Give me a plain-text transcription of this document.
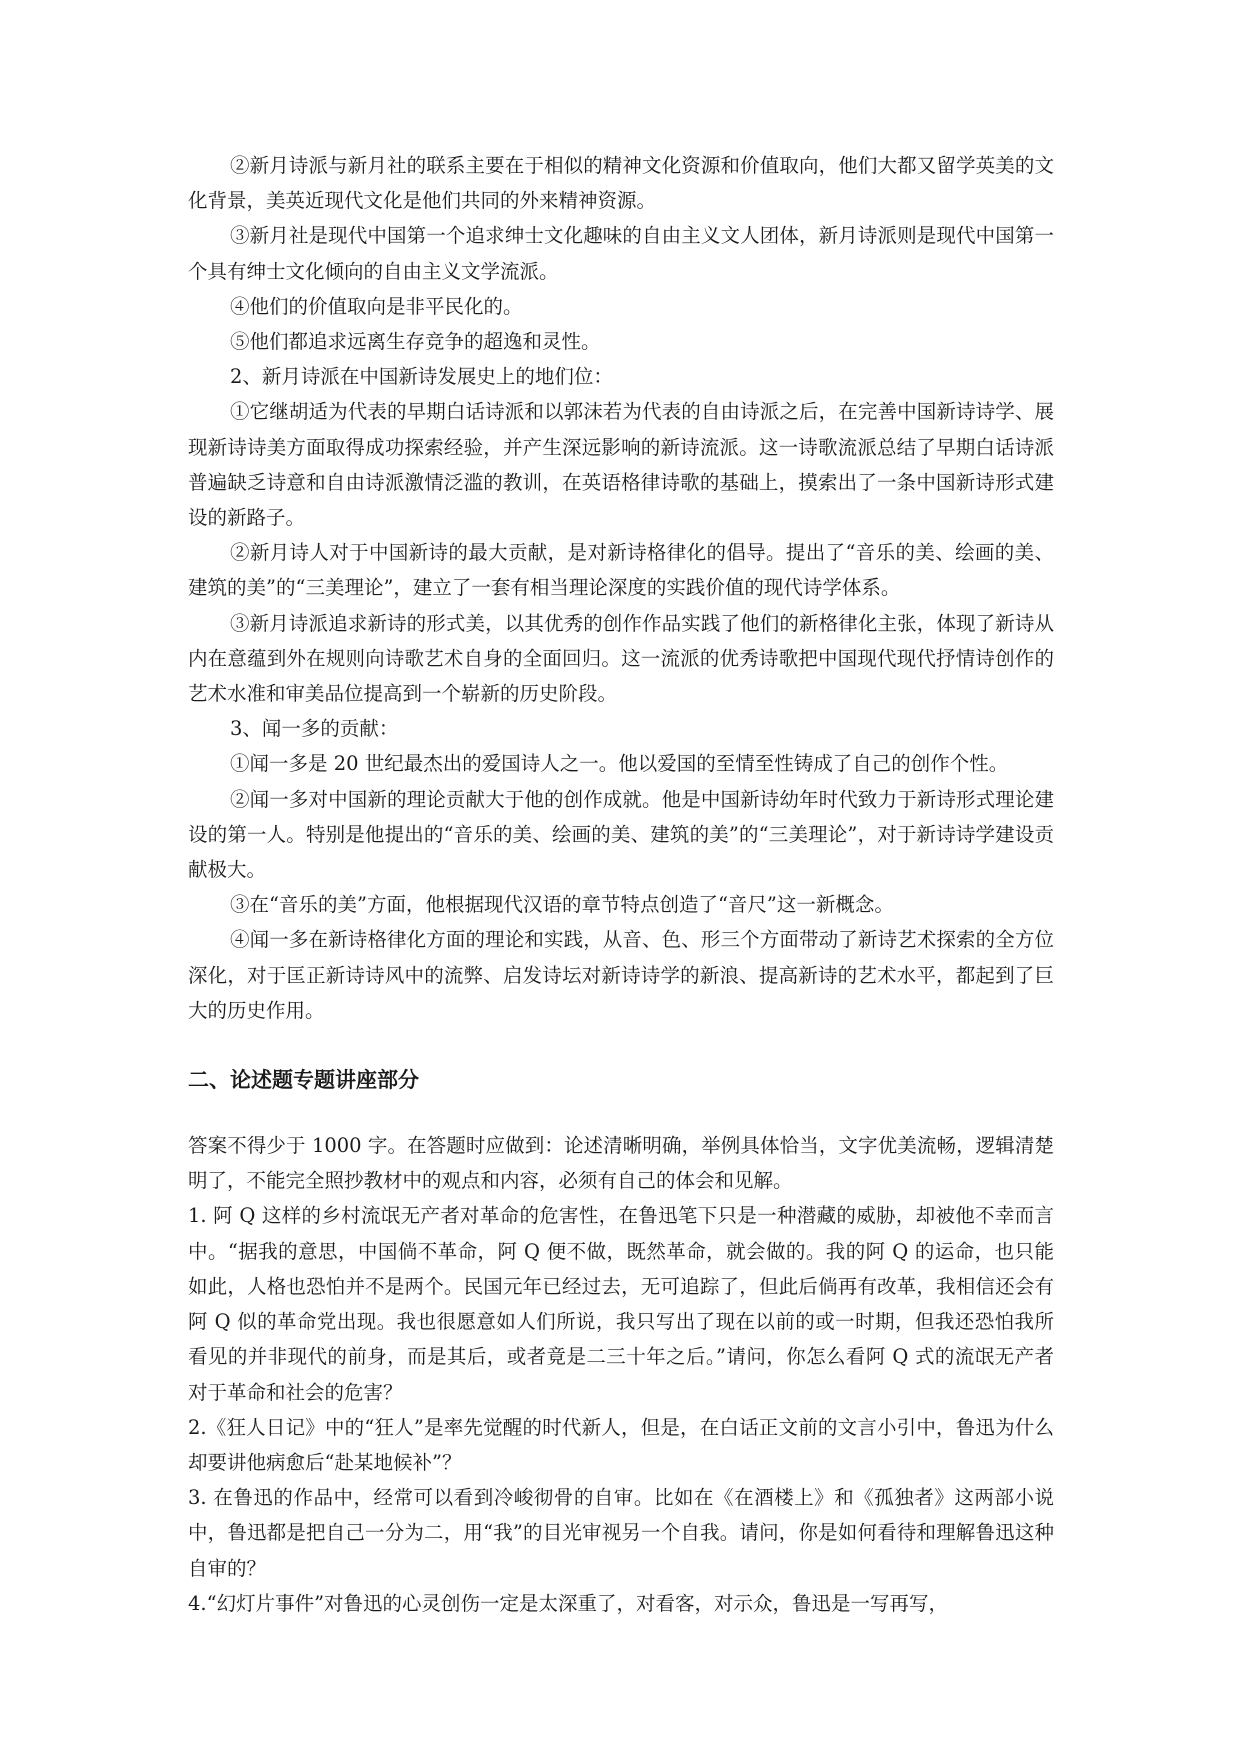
②新月诗派与新月社的联系主要在于相似的精神文化资源和价值取向，他们大都又留学英美的文化背景，美英近现代文化是他们共同的外来精神资源。

③新月社是现代中国第一个追求绅士文化趣味的自由主义文人团体，新月诗派则是现代中国第一个具有绅士文化倾向的自由主义文学流派。

④他们的价值取向是非平民化的。

⑤他们都追求远离生存竞争的超逸和灵性。

2、新月诗派在中国新诗发展史上的地们位：

①它继胡适为代表的早期白话诗派和以郭沫若为代表的自由诗派之后，在完善中国新诗诗学、展现新诗诗美方面取得成功探索经验，并产生深远影响的新诗流派。这一诗歌流派总结了早期白话诗派普遍缺乏诗意和自由诗派激情泛滥的教训，在英语格律诗歌的基础上，摸索出了一条中国新诗形式建设的新路子。

②新月诗人对于中国新诗的最大贡献，是对新诗格律化的倡导。提出了“音乐的美、绘画的美、建筑的美”的“三美理论”，建立了一套有相当理论深度的实践价值的现代诗学体系。

③新月诗派追求新诗的形式美，以其优秀的创作作品实践了他们的新格律化主张，体现了新诗从内在意蕴到外在规则向诗歌艺术自身的全面回归。这一流派的优秀诗歌把中国现代现代抒情诗创作的艺术水准和审美品位提高到一个崭新的历史阶段。

3、闻一多的贡献：

①闻一多是 20 世纪最杰出的爱国诗人之一。他以爱国的至情至性铸成了自己的创作个性。

②闻一多对中国新的理论贡献大于他的创作成就。他是中国新诗幼年时代致力于新诗形式理论建设的第一人。特别是他提出的“音乐的美、绘画的美、建筑的美”的“三美理论”，对于新诗诗学建设贡献极大。

③在“音乐的美”方面，他根据现代汉语的章节特点创造了“音尺”这一新概念。

④闻一多在新诗格律化方面的理论和实践，从音、色、形三个方面带动了新诗艺术探索的全方位深化，对于匡正新诗诗风中的流弊、启发诗坛对新诗诗学的新浪、提高新诗的艺术水平，都起到了巨大的历史作用。

二、论述题专题讲座部分

答案不得少于 1000 字。在答题时应做到：论述清晰明确，举例具体恰当，文字优美流畅，逻辑清楚明了，不能完全照抄教材中的观点和内容，必须有自己的体会和见解。

1. 阿 Q 这样的乡村流氓无产者对革命的危害性，在鲁迅笔下只是一种潜藏的威胁，却被他不幸而言中。“据我的意思，中国倘不革命，阿 Q 便不做，既然革命，就会做的。我的阿 Q 的运命，也只能如此，人格也恐怕并不是两个。民国元年已经过去，无可追踪了，但此后倘再有改革，我相信还会有阿 Q 似的革命党出现。我也很愿意如人们所说，我只写出了现在以前的或一时期，但我还恐怕我所看见的并非现代的前身，而是其后，或者竟是二三十年之后。”请问，你怎么看阿 Q 式的流氓无产者对于革命和社会的危害？

2.《狂人日记》中的“狂人”是率先觉醒的时代新人，但是，在白话正文前的文言小引中，鲁迅为什么却要讲他病愈后“赴某地候补”？

3. 在鲁迅的作品中，经常可以看到冷峻彻骨的自审。比如在《在酒楼上》和《孤独者》这两部小说中，鲁迅都是把自己一分为二，用“我”的目光审视另一个自我。请问，你是如何看待和理解鲁迅这种自审的？

4.“幻灯片事件”对鲁迅的心灵创伤一定是太深重了，对看客，对示众，鲁迅是一写再写，
